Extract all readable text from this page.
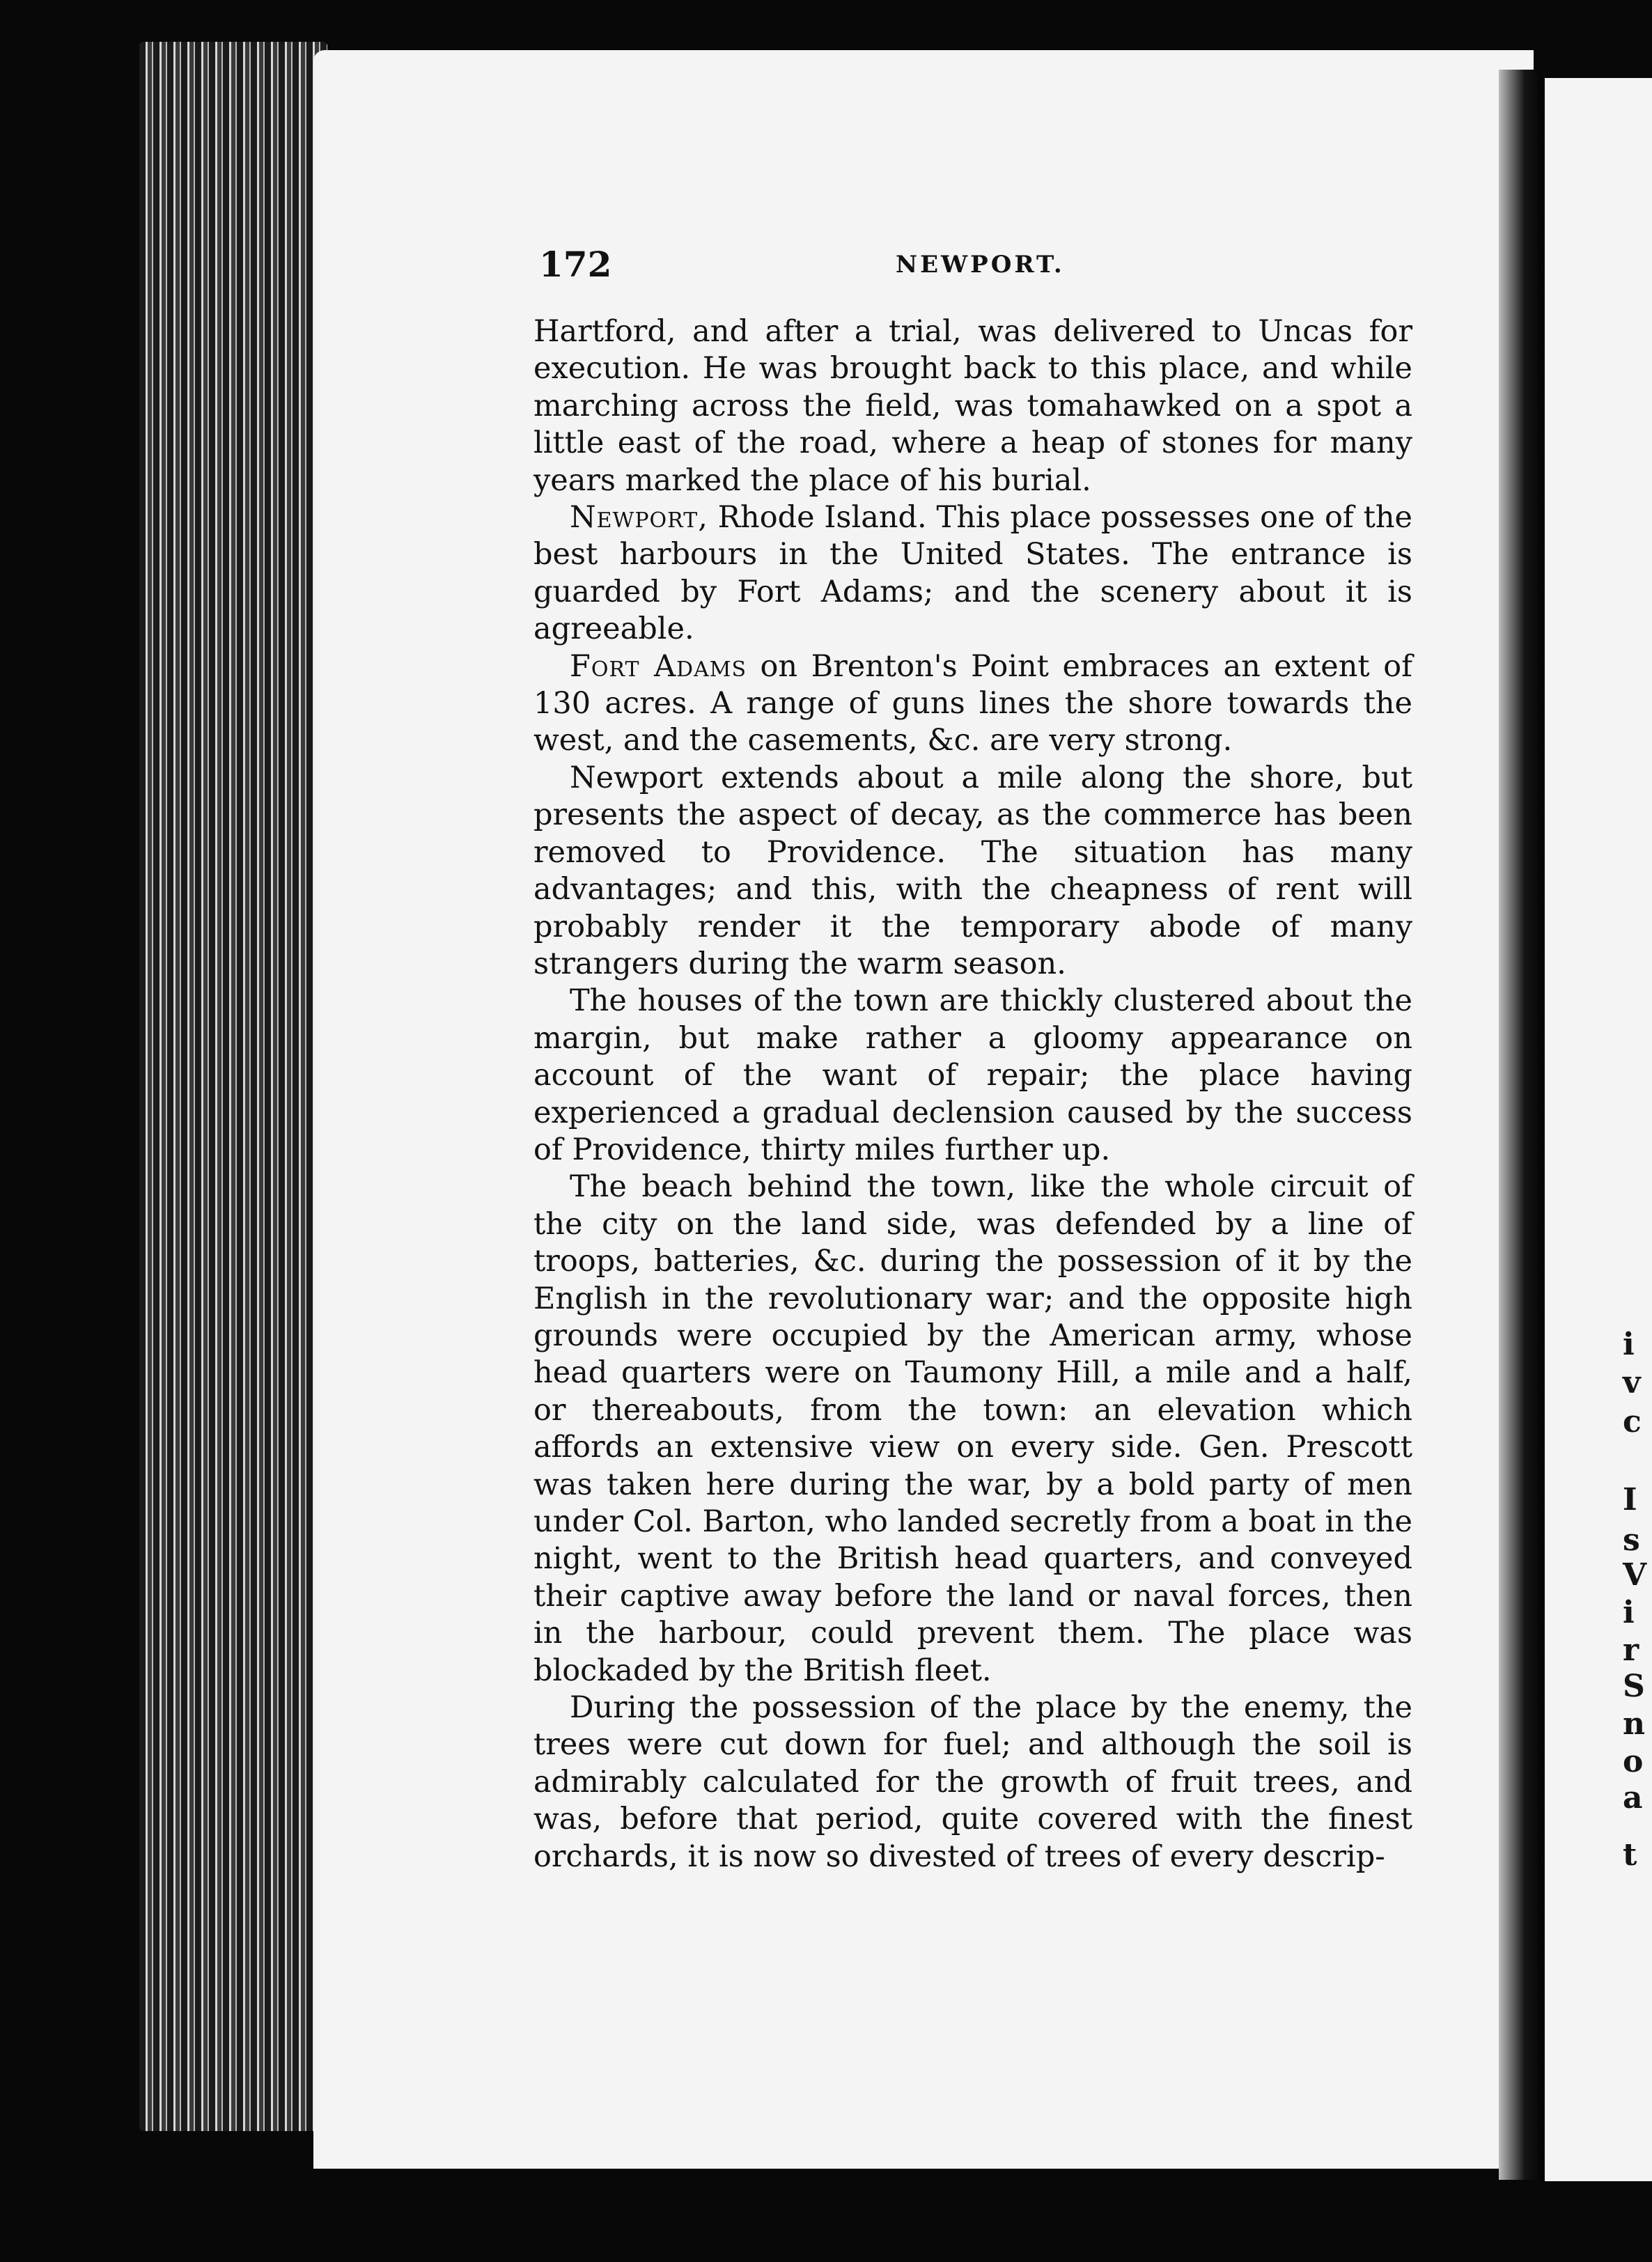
172	NEWPORT.

Hartford, and after a trial, was delivered to Uncas for execution. He was brought back to this place, and while marching across the field, was tomahawked on a spot a little east of the road, where a heap of stones for many years marked the place of his burial.

Newport, Rhode Island. This place possesses one of the best harbours in the United States. The entrance is guarded by Fort Adams; and the scenery about it is agreeable.

Fort Adams on Brenton's Point embraces an extent of 130 acres. A range of guns lines the shore towards the west, and the casements, &c. are very strong.

Newport extends about a mile along the shore, but presents the aspect of decay, as the commerce has been removed to Providence. The situation has many advantages; and this, with the cheapness of rent will probably render it the temporary abode of many strangers during the warm season.

The houses of the town are thickly clustered about the margin, but make rather a gloomy appearance on account of the want of repair; the place having experienced a gradual declension caused by the success of Providence, thirty miles further up.

The beach behind the town, like the whole circuit of the city on the land side, was defended by a line of troops, batteries, &c. during the possession of it by the English in the revolutionary war; and the opposite high grounds were occupied by the American army, whose head quarters were on Taumony Hill, a mile and a half, or thereabouts, from the town: an elevation which affords an extensive view on every side. Gen. Prescott was taken here during the war, by a bold party of men under Col. Barton, who landed secretly from a boat in the night, went to the British head quarters, and conveyed their captive away before the land or naval forces, then in the harbour, could prevent them. The place was blockaded by the British fleet.

During the possession of the place by the enemy, the trees were cut down for fuel; and although the soil is admirably calculated for the growth of fruit trees, and was, before that period, quite covered with the finest orchards, it is now so divested of trees of every descrip-

i
v
c
I
s
V
i
r
S
n
o
a
t
